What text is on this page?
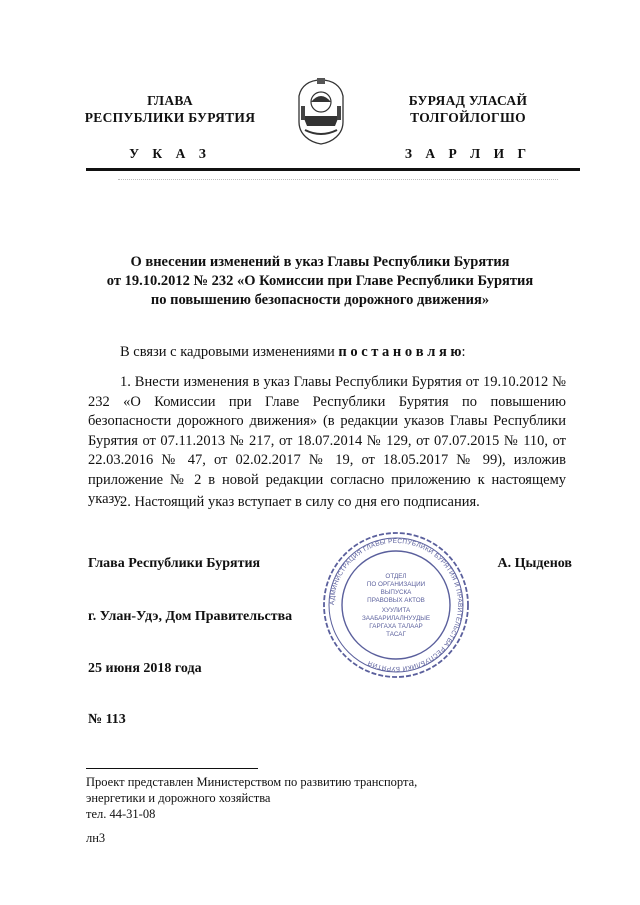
ГЛАВА
РЕСПУБЛИКИ БУРЯТИЯ
У К А З
БУРЯАД УЛАСАЙ
ТОЛГОЙЛОГШО
З А Р Л И Г
О внесении изменений в указ Главы Республики Бурятия
от 19.10.2012 № 232 «О Комиссии при Главе Республики Бурятия
по повышению безопасности дорожного движения»
В связи с кадровыми изменениями п о с т а н о в л я ю:
1. Внести изменения в указ Главы Республики Бурятия от 19.10.2012 № 232 «О Комиссии при Главе Республики Бурятия по повышению безопасности дорожного движения» (в редакции указов Главы Республики Бурятия от 07.11.2013 № 217, от 18.07.2014 № 129, от 07.07.2015 № 110, от 22.03.2016 № 47, от 02.02.2017 № 19, от 18.05.2017 № 99), изложив приложение № 2 в новой редакции согласно приложению к настоящему указу.
2. Настоящий указ вступает в силу со дня его подписания.
Глава Республики Бурятия	А. Цыденов
г. Улан-Удэ, Дом Правительства
25 июня 2018 года
№ 113
АДМИНИСТРАЦИЯ ГЛАВЫ РЕСПУБЛИКИ БУРЯТИЯ И ПРАВИТЕЛЬСТВА РЕСПУБЛИКИ БУРЯТИЯ
ОТДЕЛ
ПО ОРГАНИЗАЦИИ
ВЫПУСКА
ПРАВОВЫХ АКТОВ
ХУУЛИТА
ЗААБАРИЛАЛНУУДЫЕ
ГАРГАХА ТАЛААР
ТАСАГ
Проект представлен Министерством по развитию транспорта,
энергетики и дорожного хозяйства
тел. 44-31-08
лн3
